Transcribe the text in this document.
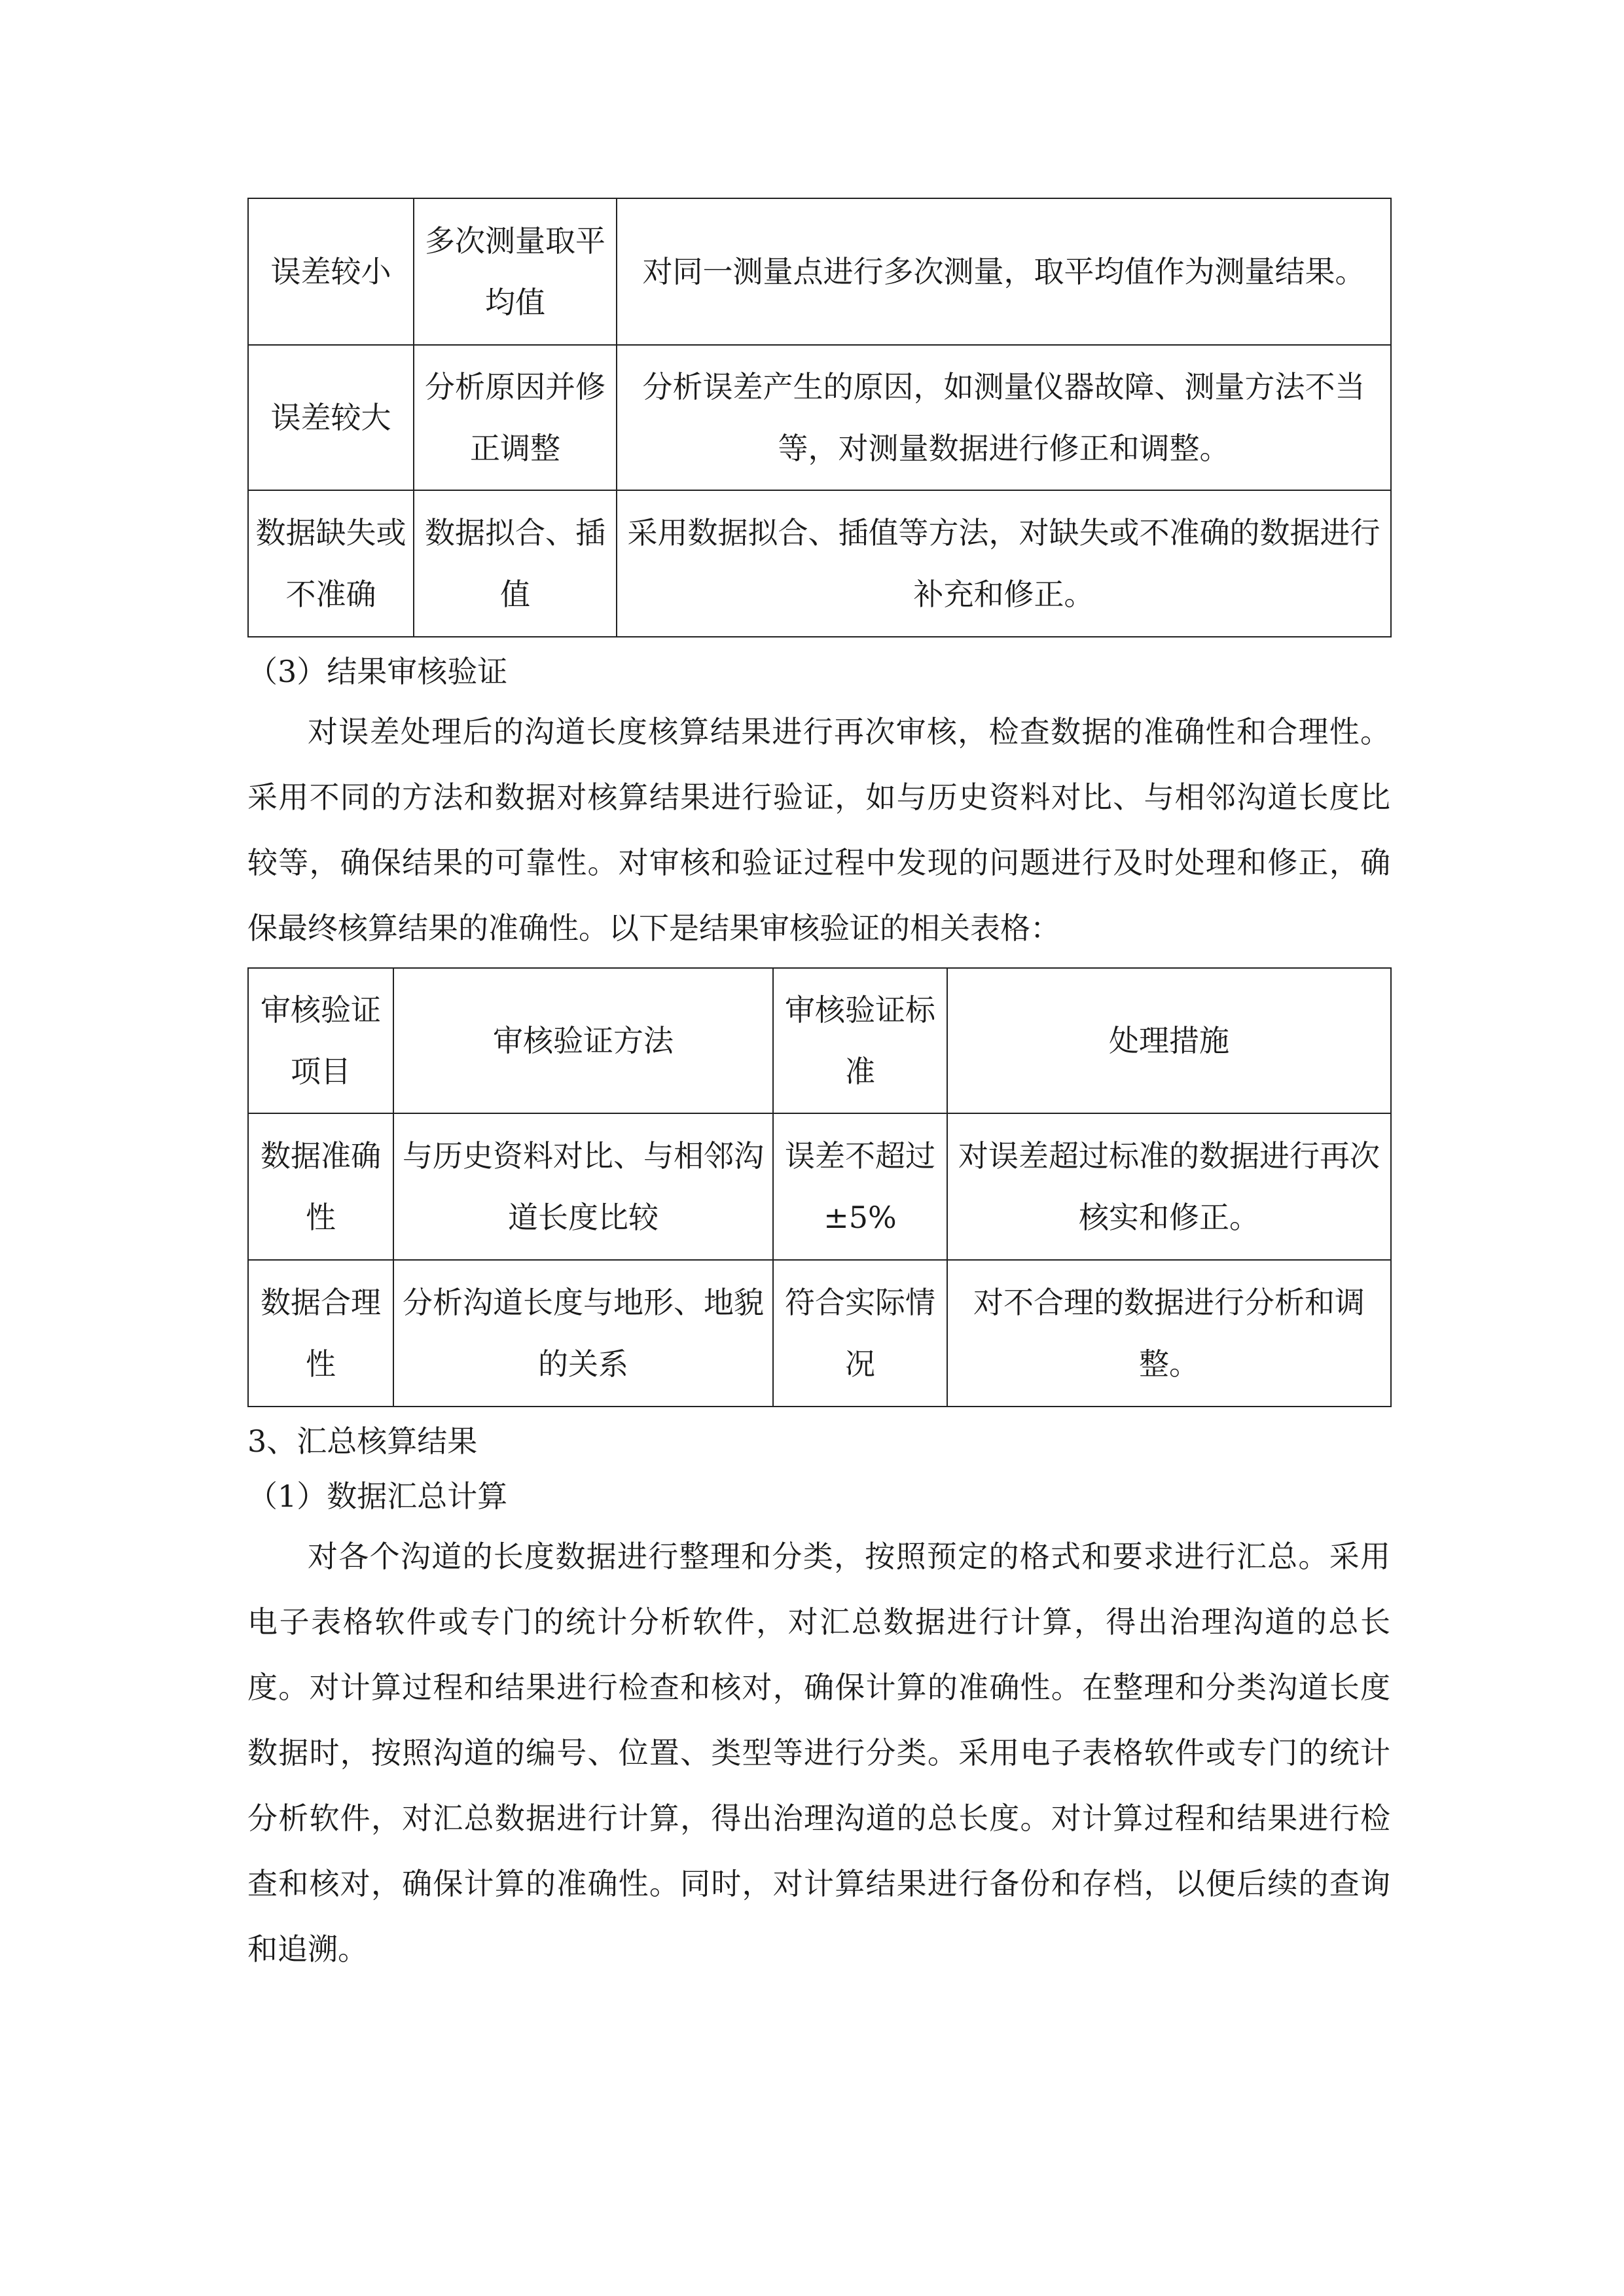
误差较小	多次测量取平均值	对同一测量点进行多次测量，取平均值作为测量结果。
误差较大	分析原因并修正调整	分析误差产生的原因，如测量仪器故障、测量方法不当等，对测量数据进行修正和调整。
数据缺失或不准确	数据拟合、插值	采用数据拟合、插值等方法，对缺失或不准确的数据进行补充和修正。
（3）结果审核验证

对误差处理后的沟道长度核算结果进行再次审核，检查数据的准确性和合理性。采用不同的方法和数据对核算结果进行验证，如与历史资料对比、与相邻沟道长度比较等，确保结果的可靠性。对审核和验证过程中发现的问题进行及时处理和修正，确保最终核算结果的准确性。以下是结果审核验证的相关表格：

审核验证项目	审核验证方法	审核验证标准	处理措施
数据准确性	与历史资料对比、与相邻沟道长度比较	误差不超过±5%	对误差超过标准的数据进行再次核实和修正。
数据合理性	分析沟道长度与地形、地貌的关系	符合实际情况	对不合理的数据进行分析和调整。
3、汇总核算结果
（1）数据汇总计算

对各个沟道的长度数据进行整理和分类，按照预定的格式和要求进行汇总。采用电子表格软件或专门的统计分析软件，对汇总数据进行计算，得出治理沟道的总长度。对计算过程和结果进行检查和核对，确保计算的准确性。在整理和分类沟道长度数据时，按照沟道的编号、位置、类型等进行分类。采用电子表格软件或专门的统计分析软件，对汇总数据进行计算，得出治理沟道的总长度。对计算过程和结果进行检查和核对，确保计算的准确性。同时，对计算结果进行备份和存档，以便后续的查询和追溯。
